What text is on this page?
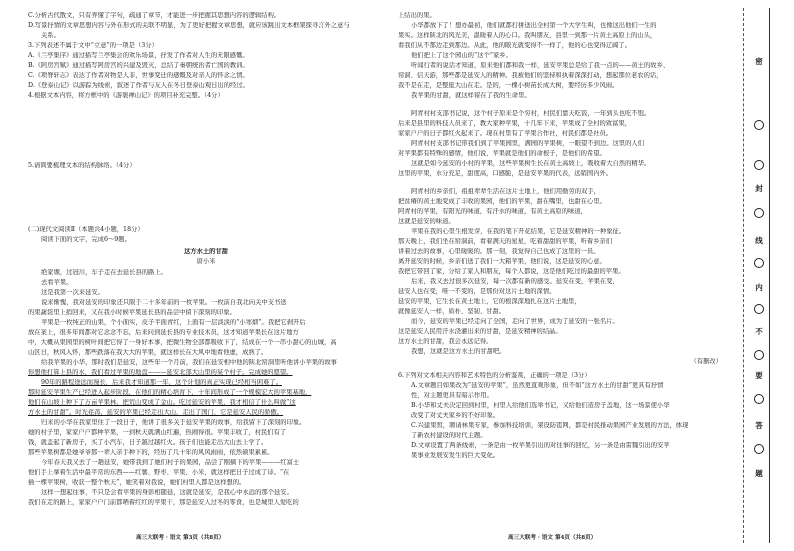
C.分析古代散文，只有弄懂了字句，疏通了章节，才能进一步把握其思想内容的逻辑结构。
D.写景抒情的文章思想内容与外在形式的关联不明显，为了更好把握文章思想，就应该跳出文本框架探寻言外之意与
关系。
3.下列表述不属于文中“立意”的一项是（3分）
A.《兰亭集序》通过描写兰亭集会的欢乐场景，抒发了作者对人生的无限感慨。
B.《阿房宫赋》通过描写阿房宫的兴建及毁灭，总结了秦朝统治者亡国的教训。
C.《项脊轩志》表达了作者对物是人非，世事变迁的感慨及对亲人的怀念之情。
D.《登泰山记》以游踪为线索，叙述了作者与友人在冬日登泰山观日出的经过。
4.根据文本内容，将方框中的《游褒禅山记》的项目补充完整。（4分）
5.请简要梳理文本的结构脉络。（4分）
(二)现代文阅读Ⅱ（本题共4小题，18分）
阅读下面的文字，完成6～9题。
这方水土的甘甜
唐小米
绝家塬，过冠川，车子走在去延长县的路上。
去看苹果。
这是我第一次来延安。
说来惭愧，我对延安的印象还只限于二十多年前的一枚苹果。一枚前自我北向关中支书送
的果蔬袋里上捎回来，又在我小时候苹果延长县的品尝中留下深刻的印象。
苹果是一枚纯正的山果，个小面实，皮子半面青红，上面有一层淡淡的“小寒烟”。我把它剥开后
放在案上，很多年间都对它念念不忘，后来问到延长县的专业技术员，这才知道苹果长在这片地方
中，大概从果园里的树叶间把它得了一身好本事，把微生物全部都吸收下了，结成在一个一串小甜心的山城，高
山区日，秋风入怀，那些跌落在我大大的苹果，就这样长在大风中地看他虚，成熟了。
给我苹果的小华，那时我们是延安，这些年一个月前，我们在延安相中他的陕北窑洞里听他讲小苹果的故事
你想他打算上县的水，我们看过苹果的地盘———延安北部大山里的某个村子。完成她的愿望。
90年的路程途远而漫长，后来我才知道那一年，这个计划的真正实现已经相当困难了。
那时延安苹果生产已经进入起步阶段，在他们的精心培育下，十年间形成了一个规模宏大的苹果基地，
他们在山坡上种下了万亩苹果林，把荒山变成了金山。吃过延安的苹果，我才相信了什么叫做“这
方水土的甘甜”。时光荏苒，延安的苹果已经走出大山，走出了国门，它是延安人民的骄傲。
归来的小华在我家里住了一段日子，他讲了很多关于延安苹果的故事，给我留下了深刻的印象。
她的村子里，家家户户都种苹果，一到秋天就满山红遍，热闹得很。苹果丰收了，村民们有了
钱，就盖起了新房子，买了小汽车，日子越过越红火。孩子们也能走出大山去上学了。
那些苹果树都是她爷爷那一辈人亲手种下的，经历了几十年的风风雨雨，依然硕果累累。
今年春天我又去了一趟延安，她带我到了她们村子的果园，品尝了刚摘下的苹果———红富士
他们手上拿着生活中最平常的东西——红薯、野枣、苹果、小米，就这样把日子过成了诗。“在
插一棵苹果树，收获一整个秋天”，她笑着对我说，她们村里人都是这样想的。
这样一想起往事，不只是会看苹果的身影相随延，这就是延安，是我心中永远的那个延安。
我们在走的路上，家家户户门前都晒着红红的苹果干，那是延安人过冬的零食，也是城里人爱吃的
上结出的果。
小华都放下了！想办最初，他们就都打拼送出全村第一个大学生叫，也像这出他们一生的
果实。这样陕北的风光美，温暖着人的心口。我叫朋友，县里一到那一片黄土高原上的山头，
看我们从不那边走到那边。从此，他的眼光就变得不一样了，他的心也变得辽阔了。
他们把上了这个园山的“这个”家乡。
听闻行者的说话才知道，原来他们都和我一样，延安苹果总是给了我一点的——黄土的故乡、
窑洞、信天游，那些都是延安人的精神。我被他们的坚持和执着深深打动，想起那位老农的话，
我不是在走，是整座大山在走。是的，一棵小树苗长成大树，要经历多少风雨。
我苹果的甘甜，就这样留在了我的生命里。
阿青村村支部书记说，这个村子原来是个穷村，村民们靠天吃饭，一年到头也吃不饱。
后来是县里的科技人员来了，教大家种苹果，十几年下来，苹果成了全村的致富果，
家家户户的日子都红火起来了。现在村里有了苹果合作社，村民们都是社员。
阿青村村支部书记带我们到了苹果园里，满园的苹果树，一眼望不到边。这里的人们
对苹果都有特殊的感情，他们说，苹果就是他们的命根子，是他们的希望。
这就是如今延安的小村的苹果，这些苹果树生长在黄土高坡上，吸收着大自然的精华。
这里的苹果，水分充足，甜度高，口感脆，是延安苹果的代表，远销国内外。
阿青村的乡亲们，祖祖辈辈生活在这片土地上，他们用勤劳的双手，
把贫瘠的黄土地变成了丰收的果园，他们的苹果，甜在嘴里，也甜在心里。
阿青村的苹果，有阳光的味道，有汗水的味道，有黄土高原的味道，
这就是延安的味道。
苹果在我的心里生根发芽，在我的笔下开花结果，它是延安精神的一种象征。
那天晚上，我们坐在窑洞前，看着满天的星星，吃着甜甜的苹果，听着乡亲们
讲着过去的故事，心里暖暖的。那一刻，我觉得自己也成了这里的一员。
离开延安的时候，乡亲们送了我们一大箱苹果，他们说，这是延安的心意。
我把它带回了家，分给了家人和朋友，每个人都说，这是他们吃过的最甜的苹果。
后来，我又去过很多次延安，每一次都有新的感受。延安在变，苹果在变，
延安人也在变，唯一不变的，是那份对这片土地的深情。
延安的苹果，它生长在黄土地上，它的根深深地扎在这片土地里，
就像延安人一样，质朴、坚韧、甘甜。
而今，延安的苹果已经走向了全国，走向了世界，成为了延安的一张名片。
这是延安人民用汗水浇灌出来的甘甜，是延安精神的结晶。
这方水土的甘甜，我会永远记得。
我想，这就是这方水土的甘甜吧。
（有删改）
6.下列对文本相关内容和艺术特色的分析鉴赏，正确的一项是（3分）
A.文章题目如果改为“延安的苹果”，虽然更直观形象，但不如“这方水土的甘甜”更具有抒情
性，对主题更具有暗示作用。
B.小华和丈夫决定回到村里，村里人给他们选举书记，又给他们造房子盖地，这一场景使小华
改变了对丈夫家乡的不好印象。
C.兴建果窖，聘请林果专家，参加科技培训，架设防雹网，都是村民推动果园产业发展的方法，体现
了新农村建设的时代主题。
D.文章设置了两条线索，一条是由一枚苹果引出的对往事的回忆，另一条是由雷魏引出的安苹
果事业发展安发生的巨大变化。
高三大联考 · 语文 第3页（共8页）	高三大联考 · 语文 第4页（共8页）
密
封
线
内
不
要
答
题
